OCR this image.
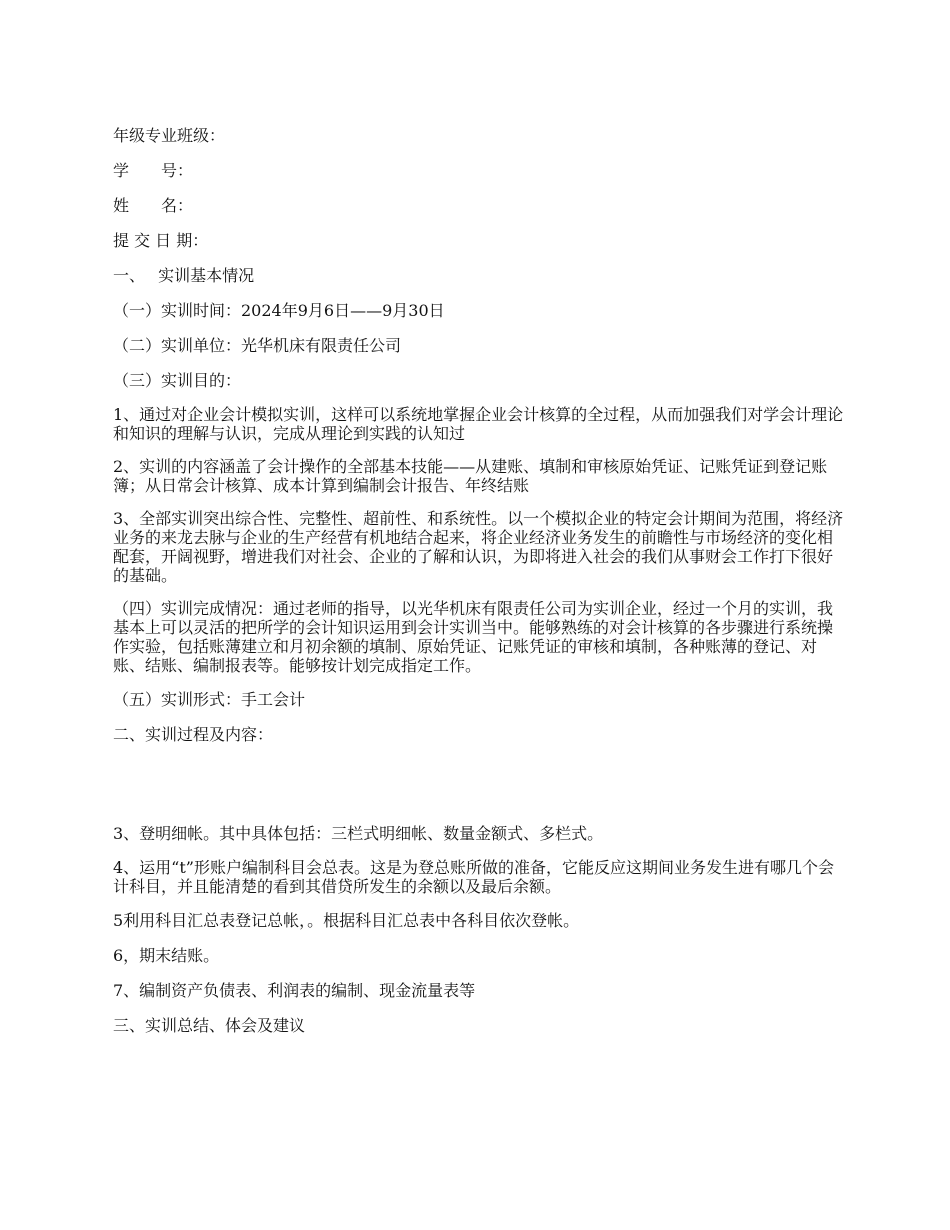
年级专业班级：
学　　号：
姓　　名：
提 交 日 期：
一、　 实训基本情况
（一）实训时间：2024年9月6日——9月30日
（二）实训单位：光华机床有限责任公司
（三）实训目的：
1、通过对企业会计模拟实训，这样可以系统地掌握企业会计核算的全过程，从而加强我们对学会计理论和知识的理解与认识，完成从理论到实践的认知过
2、实训的内容涵盖了会计操作的全部基本技能——从建账、填制和审核原始凭证、记账凭证到登记账簿；从日常会计核算、成本计算到编制会计报告、年终结账
3、全部实训突出综合性、完整性、超前性、和系统性。以一个模拟企业的特定会计期间为范围，将经济业务的来龙去脉与企业的生产经营有机地结合起来，将企业经济业务发生的前瞻性与市场经济的变化相配套，开阔视野，增进我们对社会、企业的了解和认识，为即将进入社会的我们从事财会工作打下很好的基础。
（四）实训完成情况：通过老师的指导，以光华机床有限责任公司为实训企业，经过一个月的实训，我基本上可以灵活的把所学的会计知识运用到会计实训当中。能够熟练的对会计核算的各步骤进行系统操作实验，包括账薄建立和月初余额的填制、原始凭证、记账凭证的审核和填制，各种账薄的登记、对账、结账、编制报表等。能够按计划完成指定工作。
（五）实训形式：手工会计
二、实训过程及内容：
3、登明细帐。其中具体包括：三栏式明细帐、数量金额式、多栏式。
4、运用“t”形账户编制科目会总表。这是为登总账所做的准备，它能反应这期间业务发生进有哪几个会计科目，并且能清楚的看到其借贷所发生的余额以及最后余额。
5利用科目汇总表登记总帐，。根据科目汇总表中各科目依次登帐。
6，期末结账。
7、编制资产负债表、利润表的编制、现金流量表等
三、实训总结、体会及建议
